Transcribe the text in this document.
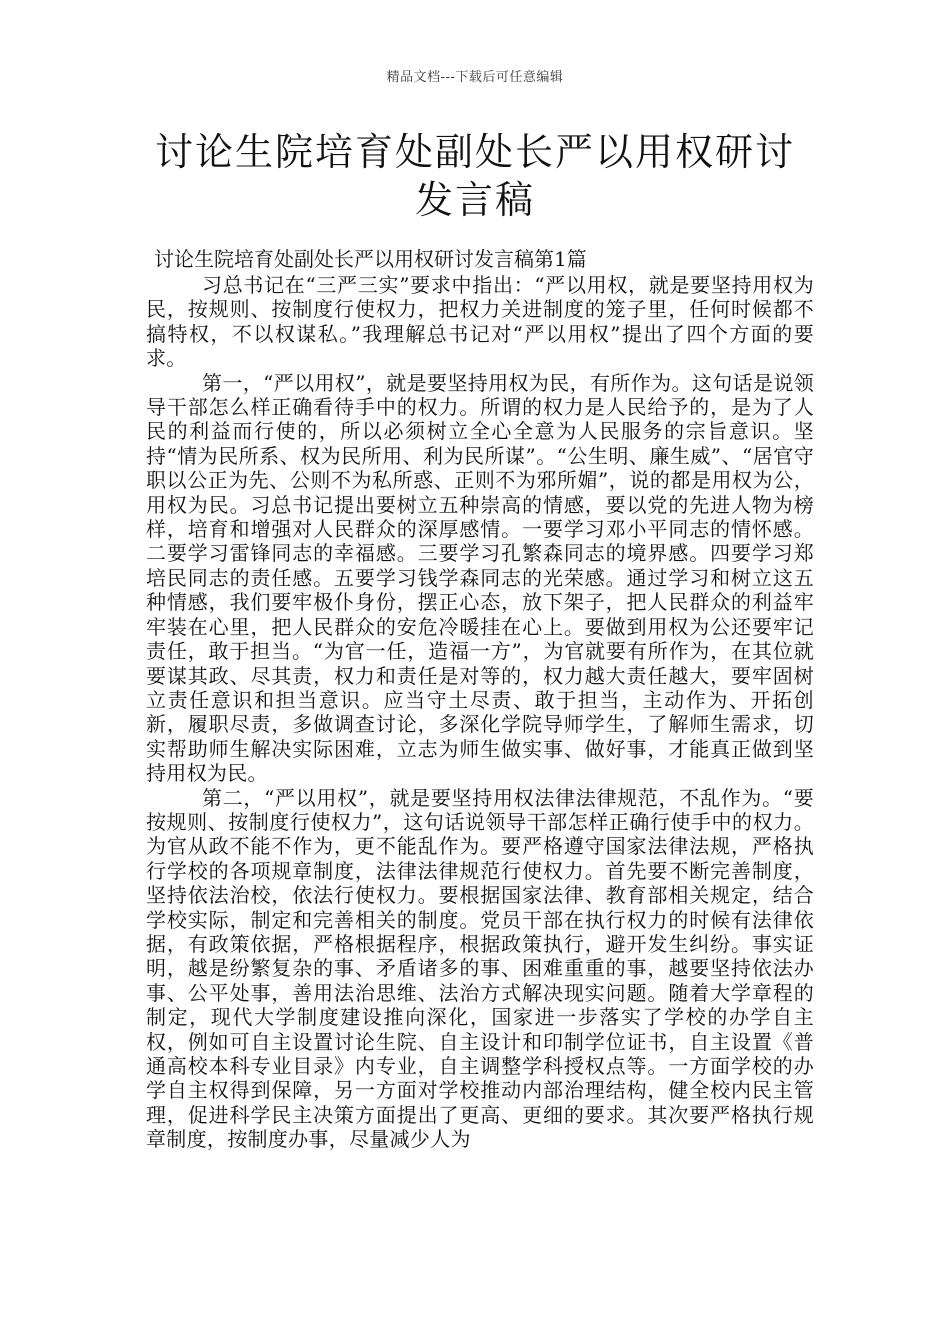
精品文档---下载后可任意编辑
讨论生院培育处副处长严以用权研讨发言稿
讨论生院培育处副处长严以用权研讨发言稿第1篇

习总书记在“三严三实”要求中指出：“严以用权，就是要坚持用权为民，按规则、按制度行使权力，把权力关进制度的笼子里，任何时候都不搞特权，不以权谋私。”我理解总书记对“严以用权”提出了四个方面的要求。

第一，“严以用权”，就是要坚持用权为民，有所作为。这句话是说领导干部怎么样正确看待手中的权力。所谓的权力是人民给予的，是为了人民的利益而行使的，所以必须树立全心全意为人民服务的宗旨意识。坚持“情为民所系、权为民所用、利为民所谋”。“公生明、廉生威”、“居官守职以公正为先、公则不为私所惑、正则不为邪所媚”，说的都是用权为公，用权为民。习总书记提出要树立五种崇高的情感，要以党的先进人物为榜样，培育和增强对人民群众的深厚感情。一要学习邓小平同志的情怀感。二要学习雷锋同志的幸福感。三要学习孔繁森同志的境界感。四要学习郑培民同志的责任感。五要学习钱学森同志的光荣感。通过学习和树立这五种情感，我们要牢极仆身份，摆正心态，放下架子，把人民群众的利益牢牢装在心里，把人民群众的安危冷暖挂在心上。要做到用权为公还要牢记责任，敢于担当。“为官一任，造福一方”，为官就要有所作为，在其位就要谋其政、尽其责，权力和责任是对等的，权力越大责任越大，要牢固树立责任意识和担当意识。应当守土尽责、敢于担当，主动作为、开拓创新，履职尽责，多做调查讨论，多深化学院导师学生，了解师生需求，切实帮助师生解决实际困难，立志为师生做实事、做好事，才能真正做到坚持用权为民。

第二，“严以用权”，就是要坚持用权法律法律规范，不乱作为。“要按规则、按制度行使权力”，这句话说领导干部怎样正确行使手中的权力。为官从政不能不作为，更不能乱作为。要严格遵守国家法律法规，严格执行学校的各项规章制度，法律法律规范行使权力。首先要不断完善制度，坚持依法治校，依法行使权力。要根据国家法律、教育部相关规定，结合学校实际，制定和完善相关的制度。党员干部在执行权力的时候有法律依据，有政策依据，严格根据程序，根据政策执行，避开发生纠纷。事实证明，越是纷繁复杂的事、矛盾诸多的事、困难重重的事，越要坚持依法办事、公平处事，善用法治思维、法治方式解决现实问题。随着大学章程的制定，现代大学制度建设推向深化，国家进一步落实了学校的办学自主权，例如可自主设置讨论生院、自主设计和印制学位证书，自主设置《普通高校本科专业目录》内专业，自主调整学科授权点等。一方面学校的办学自主权得到保障，另一方面对学校推动内部治理结构，健全校内民主管理，促进科学民主决策方面提出了更高、更细的要求。其次要严格执行规章制度，按制度办事，尽量减少人为
